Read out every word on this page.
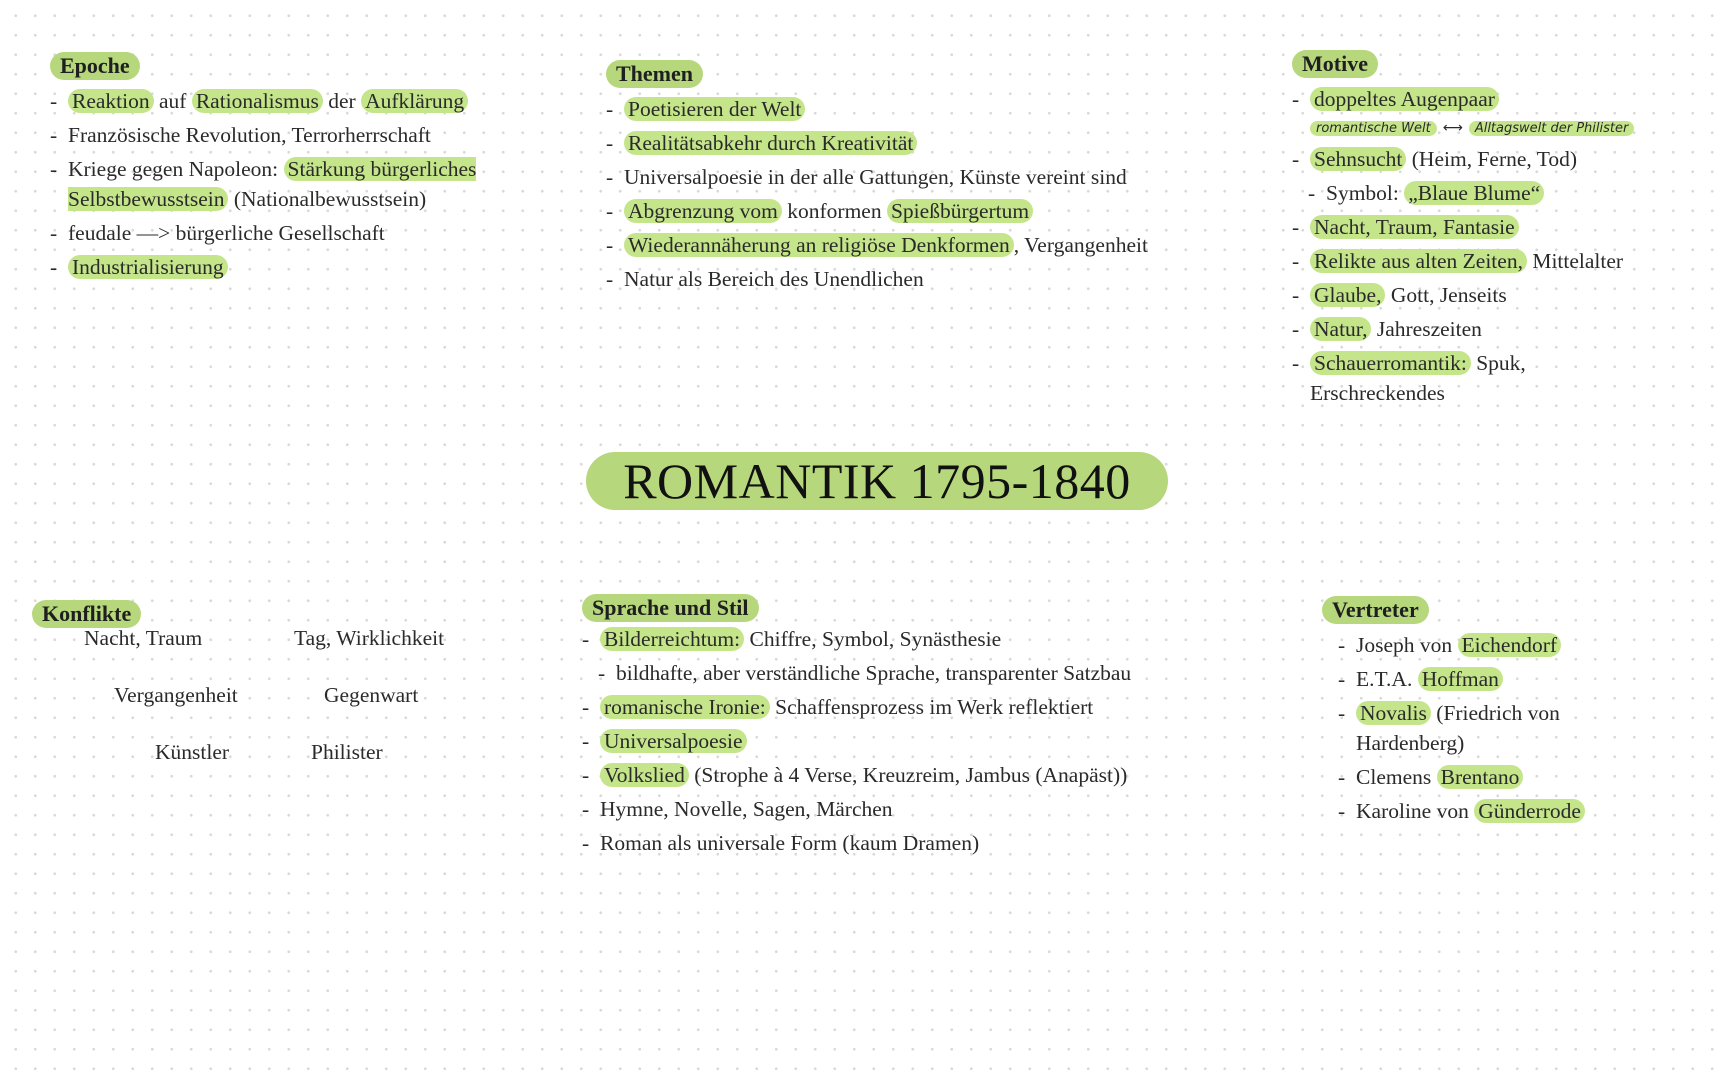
Epoche
- Reaktion auf Rationalismus der Aufklärung
- Französische Revolution, Terrorherrschaft
- Kriege gegen Napoleon: Stärkung bürgerliches Selbstbewusstsein (Nationalbewusstsein)
- feudale —> bürgerliche Gesellschaft
- Industrialisierung
Themen
- Poetisieren der Welt
- Realitätsabkehr durch Kreativität
- Universalpoesie in der alle Gattungen, Künste vereint sind
- Abgrenzung vom konformen Spießbürgertum
- Wiederannäherung an religiöse Denkformen , Vergangenheit
- Natur als Bereich des Unendlichen
Motive
- doppeltes Augenpaar
romantische Welt ⟷ Alltagswelt der Philister
- Sehnsucht (Heim, Ferne, Tod)
- Symbol: „Blaue Blume“
- Nacht, Traum, Fantasie
- Relikte aus alten Zeiten, Mittelalter
- Glaube, Gott, Jenseits
- Natur, Jahreszeiten
- Schauerromantik: Spuk, Erschreckendes
ROMANTIK 1795-1840
Konflikte
Nacht, Traum	Tag, Wirklichkeit
Vergangenheit	Gegenwart
Künstler	Philister
Sprache und Stil
- Bilderreichtum: Chiffre, Symbol, Synästhesie
- bildhafte, aber verständliche Sprache, transparenter Satzbau
- romanische Ironie: Schaffensprozess im Werk reflektiert
- Universalpoesie
- Volkslied (Strophe à 4 Verse, Kreuzreim, Jambus (Anapäst))
- Hymne, Novelle, Sagen, Märchen
- Roman als universale Form (kaum Dramen)
Vertreter
- Joseph von Eichendorf
- E.T.A. Hoffman
- Novalis (Friedrich von Hardenberg)
- Clemens Brentano
- Karoline von Günderrode
